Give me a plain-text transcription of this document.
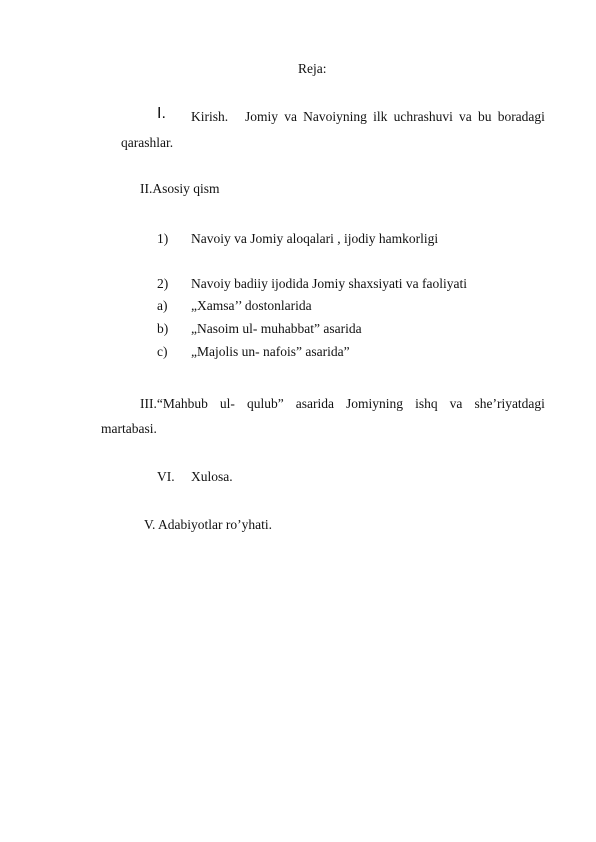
Reja:
I. Kirish. Jomiy va Navoiyning ilk uchrashuvi va bu boradagi
qarashlar.
II.Asosiy qism
1) Navoiy va Jomiy aloqalari , ijodiy hamkorligi
2) Navoiy badiiy ijodida Jomiy shaxsiyati va faoliyati
a) „Xamsa’’ dostonlarida
b) „Nasoim ul- muhabbat” asarida
c) „Majolis un- nafois” asarida”
III.“Mahbub ul- qulub” asarida Jomiyning ishq va she’riyatdagi
martabasi.
VI. Xulosa.
V. Adabiyotlar ro’yhati.
